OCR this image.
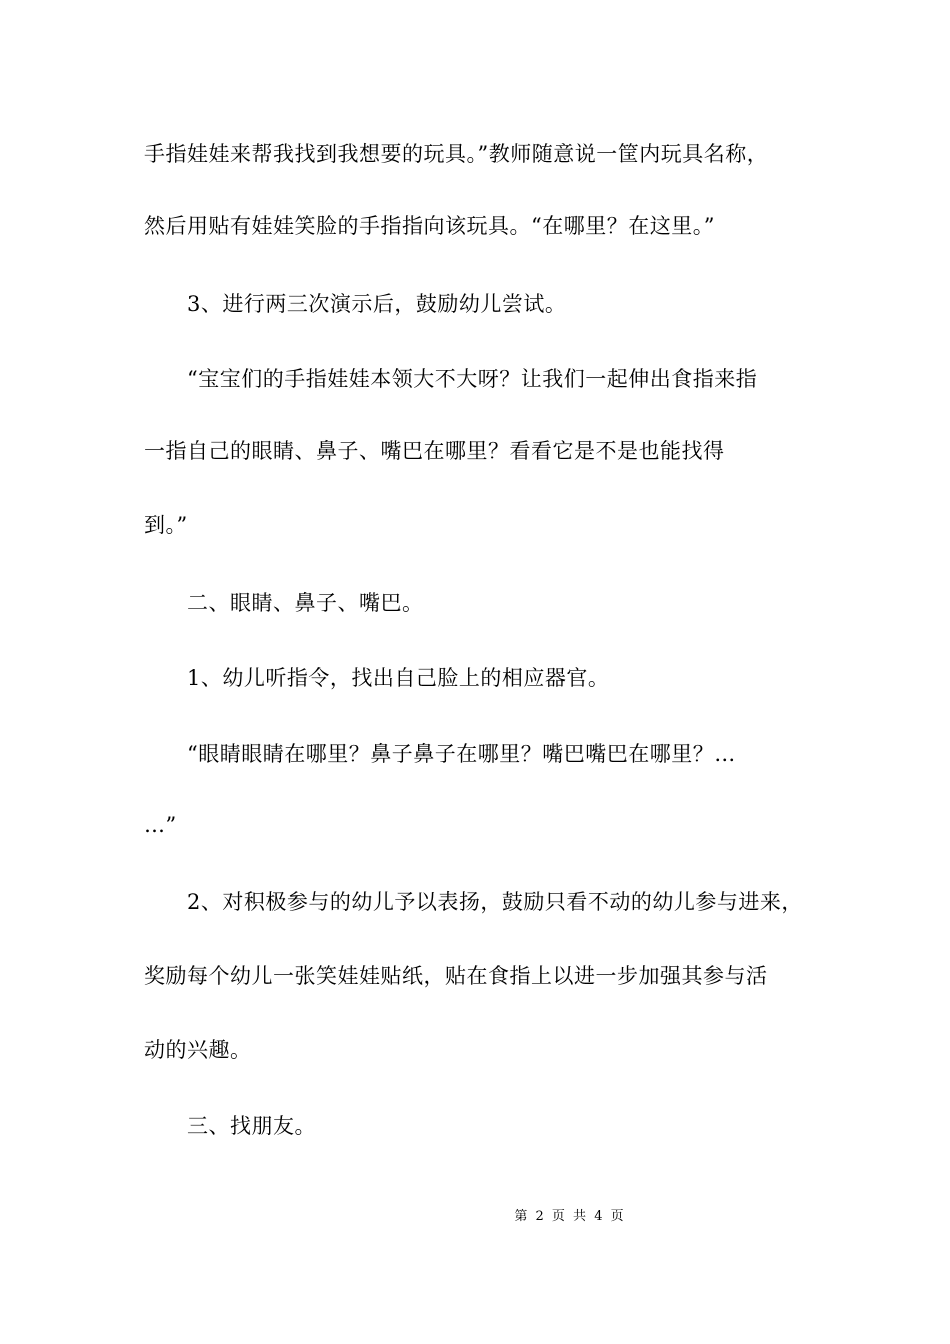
手指娃娃来帮我找到我想要的玩具。”教师随意说一筐内玩具名称，
然后用贴有娃娃笑脸的手指指向该玩具。“在哪里？在这里。”
　　3、进行两三次演示后，鼓励幼儿尝试。
　　“宝宝们的手指娃娃本领大不大呀？让我们一起伸出食指来指
一指自己的眼睛、鼻子、嘴巴在哪里？看看它是不是也能找得
到。”
　　二、眼睛、鼻子、嘴巴。
　　1、幼儿听指令，找出自己脸上的相应器官。
　　“眼睛眼睛在哪里？鼻子鼻子在哪里？嘴巴嘴巴在哪里？…
…”
　　2、对积极参与的幼儿予以表扬，鼓励只看不动的幼儿参与进来，
奖励每个幼儿一张笑娃娃贴纸，贴在食指上以进一步加强其参与活
动的兴趣。
　　三、找朋友。
第 2 页 共 4 页
